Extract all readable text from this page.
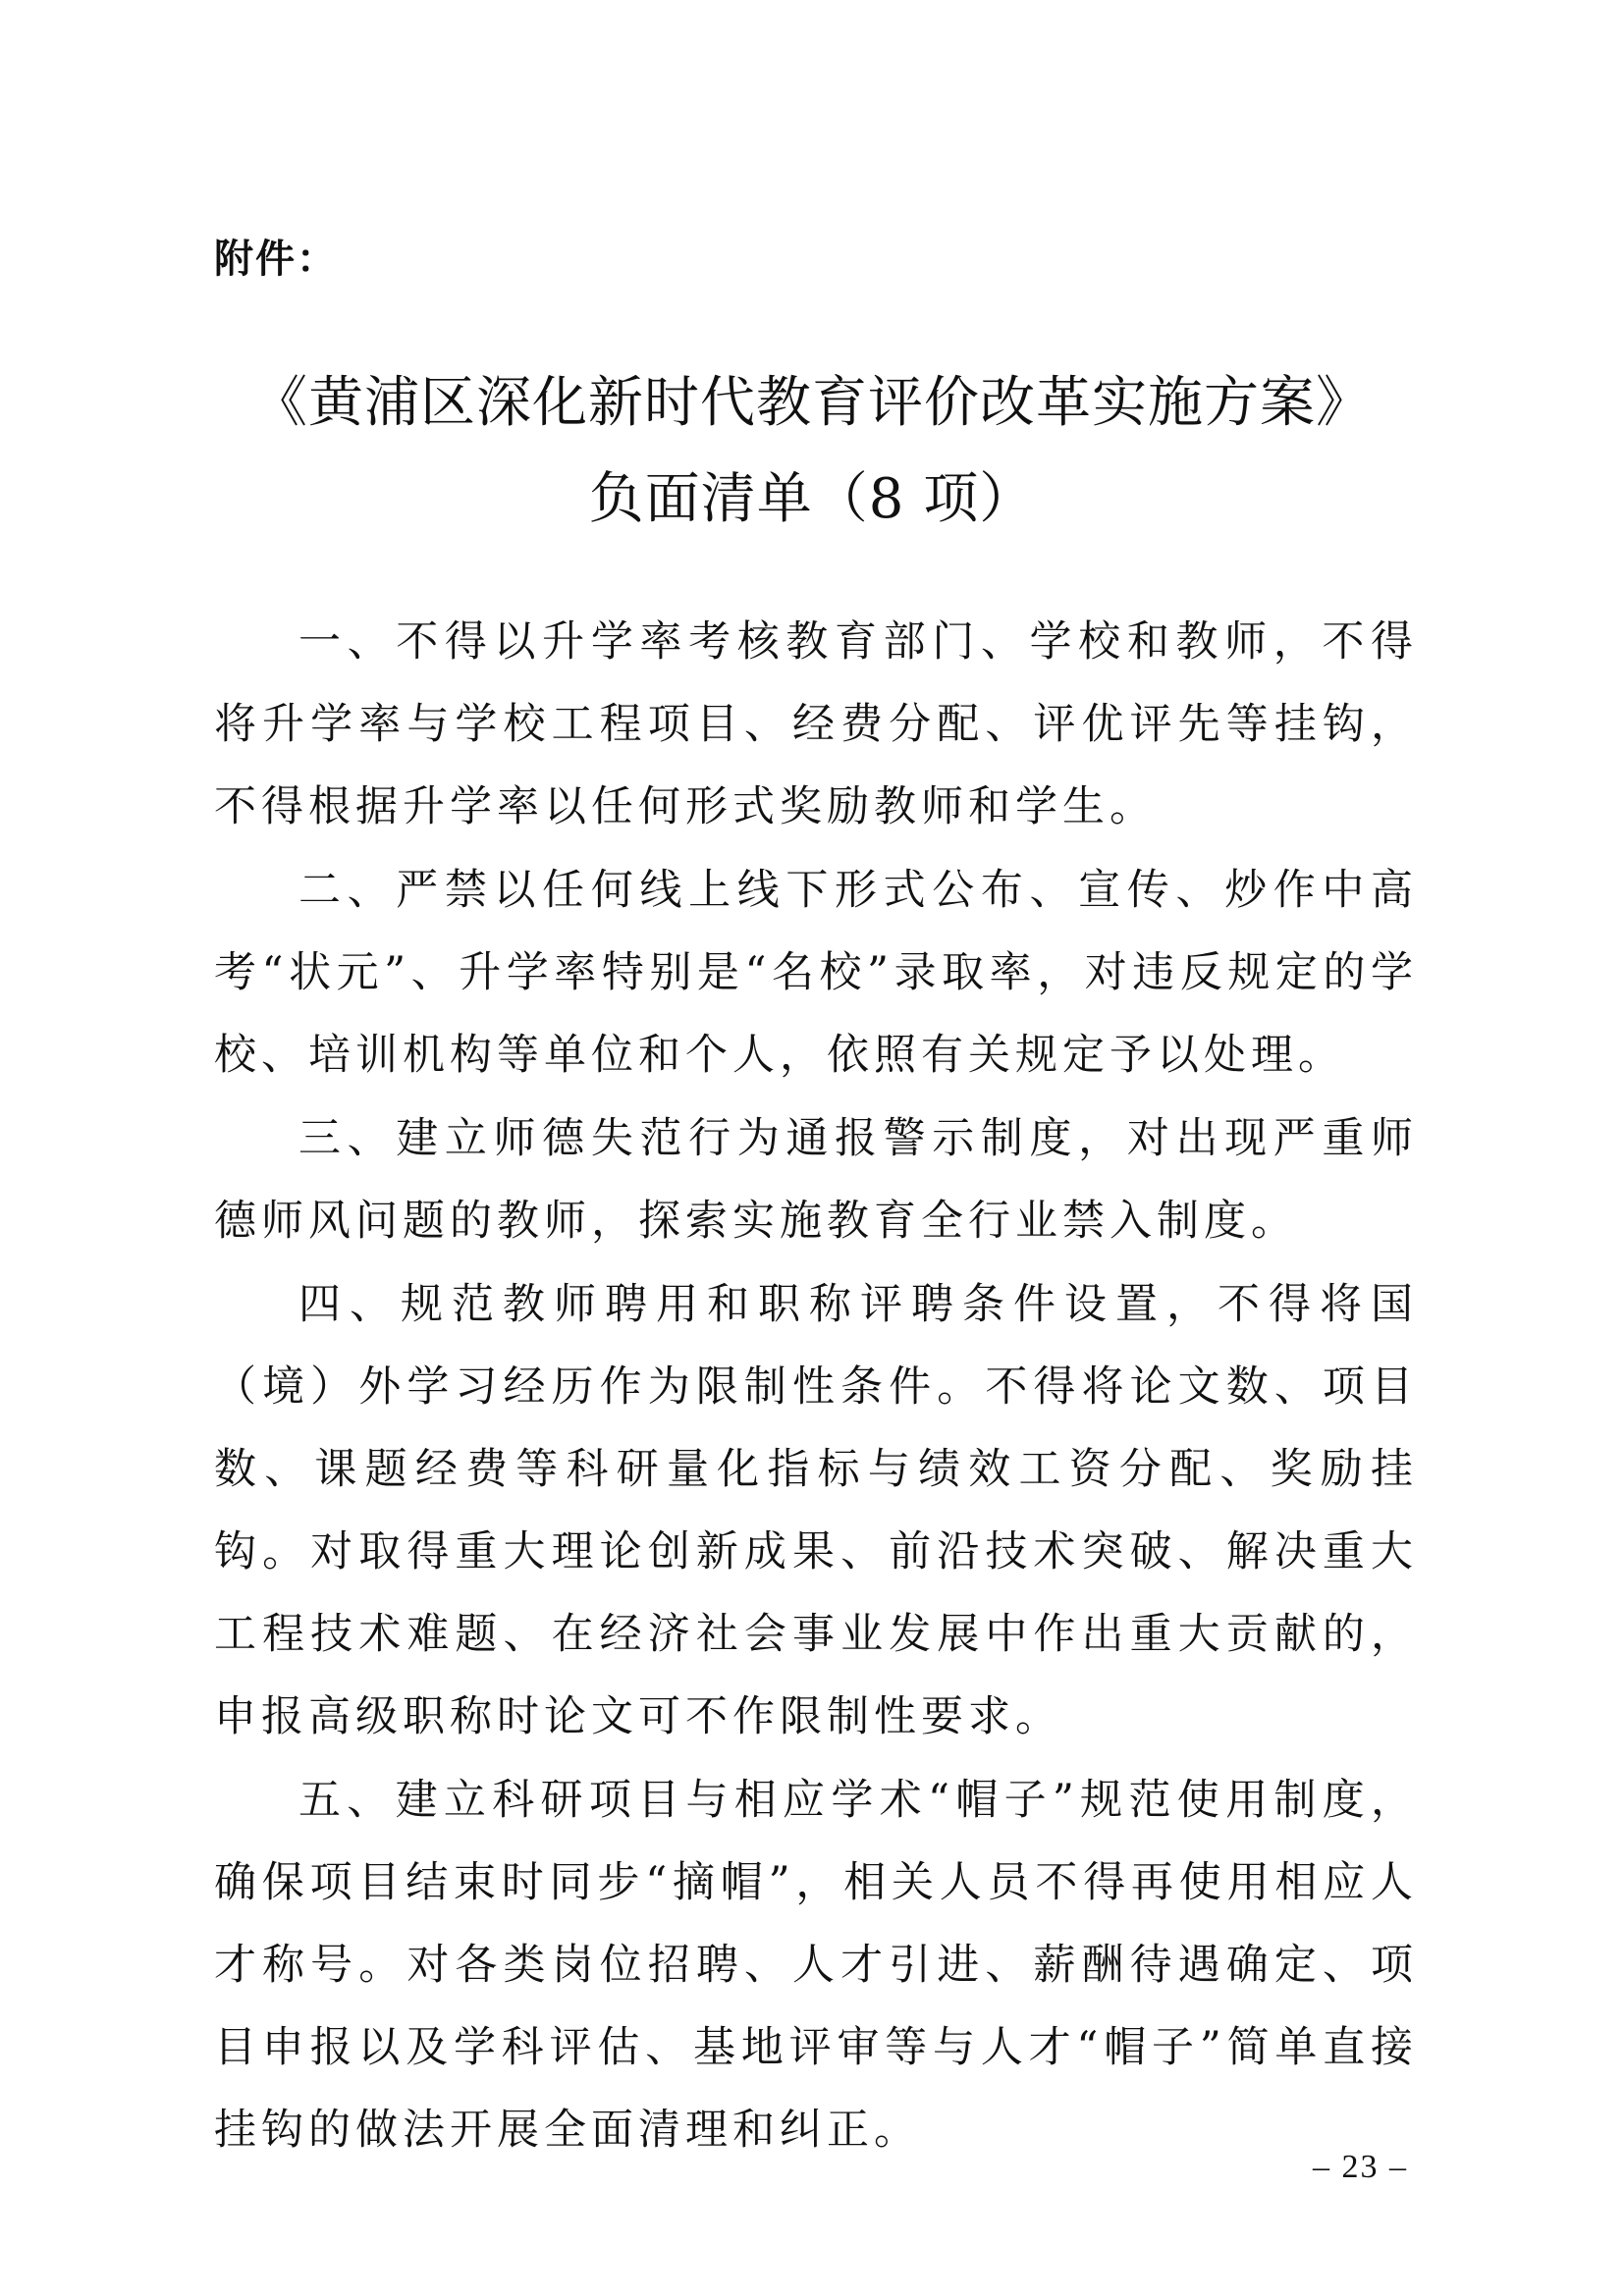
附件：
《黄浦区深化新时代教育评价改革实施方案》
负面清单（8 项）

一、不得以升学率考核教育部门、学校和教师，不得将升学率与学校工程项目、经费分配、评优评先等挂钩，不得根据升学率以任何形式奖励教师和学生。

二、严禁以任何线上线下形式公布、宣传、炒作中高考“状元”、升学率特别是“名校”录取率，对违反规定的学校、培训机构等单位和个人，依照有关规定予以处理。

三、建立师德失范行为通报警示制度，对出现严重师德师风问题的教师，探索实施教育全行业禁入制度。

四、规范教师聘用和职称评聘条件设置，不得将国（境）外学习经历作为限制性条件。不得将论文数、项目数、课题经费等科研量化指标与绩效工资分配、奖励挂钩。对取得重大理论创新成果、前沿技术突破、解决重大工程技术难题、在经济社会事业发展中作出重大贡献的，申报高级职称时论文可不作限制性要求。

五、建立科研项目与相应学术“帽子”规范使用制度，确保项目结束时同步“摘帽”，相关人员不得再使用相应人才称号。对各类岗位招聘、人才引进、薪酬待遇确定、项目申报以及学科评估、基地评审等与人才“帽子”简单直接挂钩的做法开展全面清理和纠正。

– 23 –
